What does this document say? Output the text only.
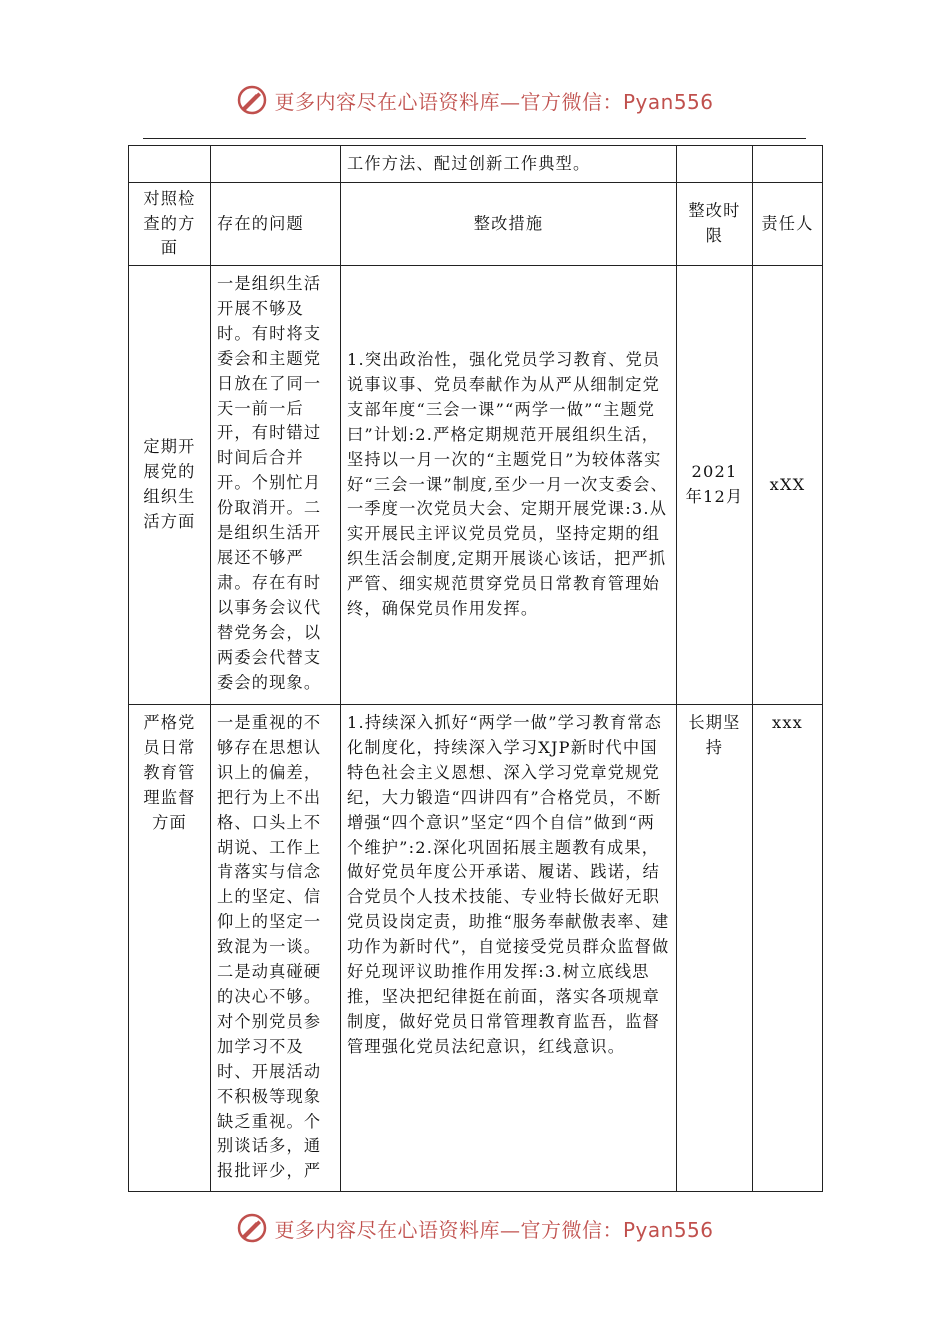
更多内容尽在心语资料库—官方微信：Pyan556
		工作方法、配过创新工作典型。		
对照检查的方面	存在的问题	整改措施	整改时限	责任人
定期开展党的组织生活方面	一是组织生活开展不够及时。有时将支委会和主题党日放在了同一天一前一后开，有时错过时间后合并开。个别忙月份取消开。二是组织生活开展还不够严肃。存在有时以事务会议代替党务会，以两委会代替支委会的现象。	1.突出政治性，强化党员学习教育、党员说事议事、党员奉献作为从严从细制定党支部年度“三会一课”“两学一做”“主题党曰”计划:2.严格定期规范开展组织生活，坚持以一月一次的“主题党日”为较体落实好“三会一课”制度,至少一月一次支委会、一季度一次党员大会、定期开展党课:3.从实开展民主评议党员党员，坚持定期的组织生活会制度,定期开展谈心该话，把严抓严管、细实规范贯穿党员日常教育管理始终，确保党员作用发挥。	2021年12月	xXX
严格党员日常教育管理监督方面	一是重视的不够存在思想认识上的偏差，把行为上不出格、口头上不胡说、工作上肯落实与信念上的坚定、信仰上的坚定一致混为一谈。二是动真碰硬的决心不够。对个别党员参加学习不及时、开展活动不积极等现象缺乏重视。个别谈话多，通报批评少，严	1.持续深入抓好“两学一做”学习教育常态化制度化，持续深入学习XJP新时代中国特色社会主义恩想、深入学习党章党规党纪，大力锻造“四讲四有”合格党员，不断增强“四个意识”坚定“四个自信”做到“两个维护”:2.深化巩固拓展主题教有成果，做好党员年度公开承诺、履诺、践诺，结合党员个人技术技能、专业特长做好无职党员设岗定责，助推“服务奉献傲表率、建功作为新时代”，自觉接受党员群众监督做好兑现评议助推作用发挥:3.树立底线思推，坚决把纪律挺在前面，落实各项规章制度，做好党员日常管理教育监吾，监督管理强化党员法纪意识，红线意识。	长期坚持	xxx
更多内容尽在心语资料库—官方微信：Pyan556
